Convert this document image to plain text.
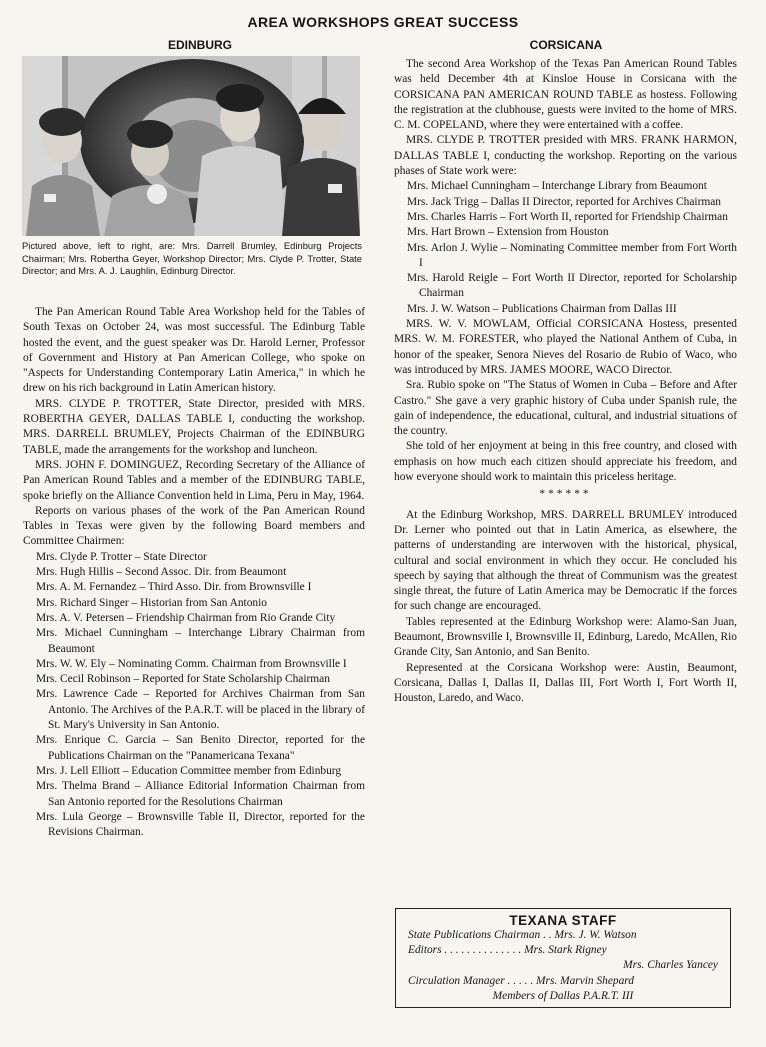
AREA WORKSHOPS GREAT SUCCESS
EDINBURG	CORSICANA

Pictured above, left to right, are: Mrs. Darrell Brumley, Edinburg Projects Chairman; Mrs. Robertha Geyer, Workshop Director; Mrs. Clyde P. Trotter, State Director; and Mrs. A. J. Laughlin, Edinburg Director.

The Pan American Round Table Area Workshop held for the Tables of South Texas on October 24, was most successful. The Edinburg Table hosted the event, and the guest speaker was Dr. Harold Lerner, Professor of Government and History at Pan American College, who spoke on "Aspects for Understanding Contemporary Latin America," in which he drew on his rich background in Latin American history.

MRS. CLYDE P. TROTTER, State Director, presided with MRS. ROBERTHA GEYER, DALLAS TABLE I, conducting the workshop. MRS. DARRELL BRUMLEY, Projects Chairman of the EDINBURG TABLE, made the arrangements for the workshop and luncheon.

MRS. JOHN F. DOMINGUEZ, Recording Secretary of the Alliance of Pan American Round Tables and a member of the EDINBURG TABLE, spoke briefly on the Alliance Convention held in Lima, Peru in May, 1964.

Reports on various phases of the work of the Pan American Round Tables in Texas were given by the following Board members and Committee Chairmen:

Mrs. Clyde P. Trotter – State Director
Mrs. Hugh Hillis – Second Assoc. Dir. from Beaumont
Mrs. A. M. Fernandez – Third Asso. Dir. from Brownsville I
Mrs. Richard Singer – Historian from San Antonio
Mrs. A. V. Petersen – Friendship Chairman from Rio Grande City
Mrs. Michael Cunningham – Interchange Library Chairman from Beaumont
Mrs. W. W. Ely – Nominating Comm. Chairman from Brownsville I
Mrs. Cecil Robinson – Reported for State Scholarship Chairman
Mrs. Lawrence Cade – Reported for Archives Chairman from San Antonio. The Archives of the P.A.R.T. will be placed in the library of St. Mary's University in San Antonio.
Mrs. Enrique C. Garcia – San Benito Director, reported for the Publications Chairman on the "Panamericana Texana"
Mrs. J. Lell Elliott – Education Committee member from Edinburg
Mrs. Thelma Brand – Alliance Editorial Information Chairman from San Antonio reported for the Resolutions Chairman
Mrs. Lula George – Brownsville Table II, Director, reported for the Revisions Chairman.

The second Area Workshop of the Texas Pan American Round Tables was held December 4th at Kinsloe House in Corsicana with the CORSICANA PAN AMERICAN ROUND TABLE as hostess. Following the registration at the clubhouse, guests were invited to the home of MRS. C. M. COPELAND, where they were entertained with a coffee.

MRS. CLYDE P. TROTTER presided with MRS. FRANK HARMON, DALLAS TABLE I, conducting the workshop. Reporting on the various phases of State work were:

Mrs. Michael Cunningham – Interchange Library from Beaumont
Mrs. Jack Trigg – Dallas II Director, reported for Archives Chairman
Mrs. Charles Harris – Fort Worth II, reported for Friendship Chairman
Mrs. Hart Brown – Extension from Houston
Mrs. Arlon J. Wylie – Nominating Committee member from Fort Worth I
Mrs. Harold Reigle – Fort Worth II Director, reported for Scholarship Chairman
Mrs. J. W. Watson – Publications Chairman from Dallas III

MRS. W. V. MOWLAM, Official CORSICANA Hostess, presented MRS. W. M. FORESTER, who played the National Anthem of Cuba, in honor of the speaker, Senora Nieves del Rosario de Rubio of Waco, who was introduced by MRS. JAMES MOORE, WACO Director.

Sra. Rubio spoke on "The Status of Women in Cuba – Before and After Castro." She gave a very graphic history of Cuba under Spanish rule, the gain of independence, the educational, cultural, and industrial situations of the country.

She told of her enjoyment at being in this free country, and closed with emphasis on how much each citizen should appreciate his freedom, and how everyone should work to maintain this priceless heritage.

******

At the Edinburg Workshop, MRS. DARRELL BRUMLEY introduced Dr. Lerner who pointed out that in Latin America, as elsewhere, the patterns of understanding are interwoven with the historical, physical, cultural and social environment in which they occur. He concluded his speech by saying that although the threat of Communism was the greatest single threat, the future of Latin America may be Democratic if the forces for such change are encouraged.

Tables represented at the Edinburg Workshop were: Alamo-San Juan, Beaumont, Brownsville I, Brownsville II, Edinburg, Laredo, McAllen, Rio Grande City, San Antonio, and San Benito.

Represented at the Corsicana Workshop were: Austin, Beaumont, Corsicana, Dallas I, Dallas II, Dallas III, Fort Worth I, Fort Worth II, Houston, Laredo, and Waco.

TEXANA STAFF

State Publications Chairman . . Mrs. J. W. Watson

Editors . . . . . . . . . . . . . . Mrs. Stark Rigney

Mrs. Charles Yancey

Circulation Manager . . . . . Mrs. Marvin Shepard

Members of Dallas P.A.R.T. III
